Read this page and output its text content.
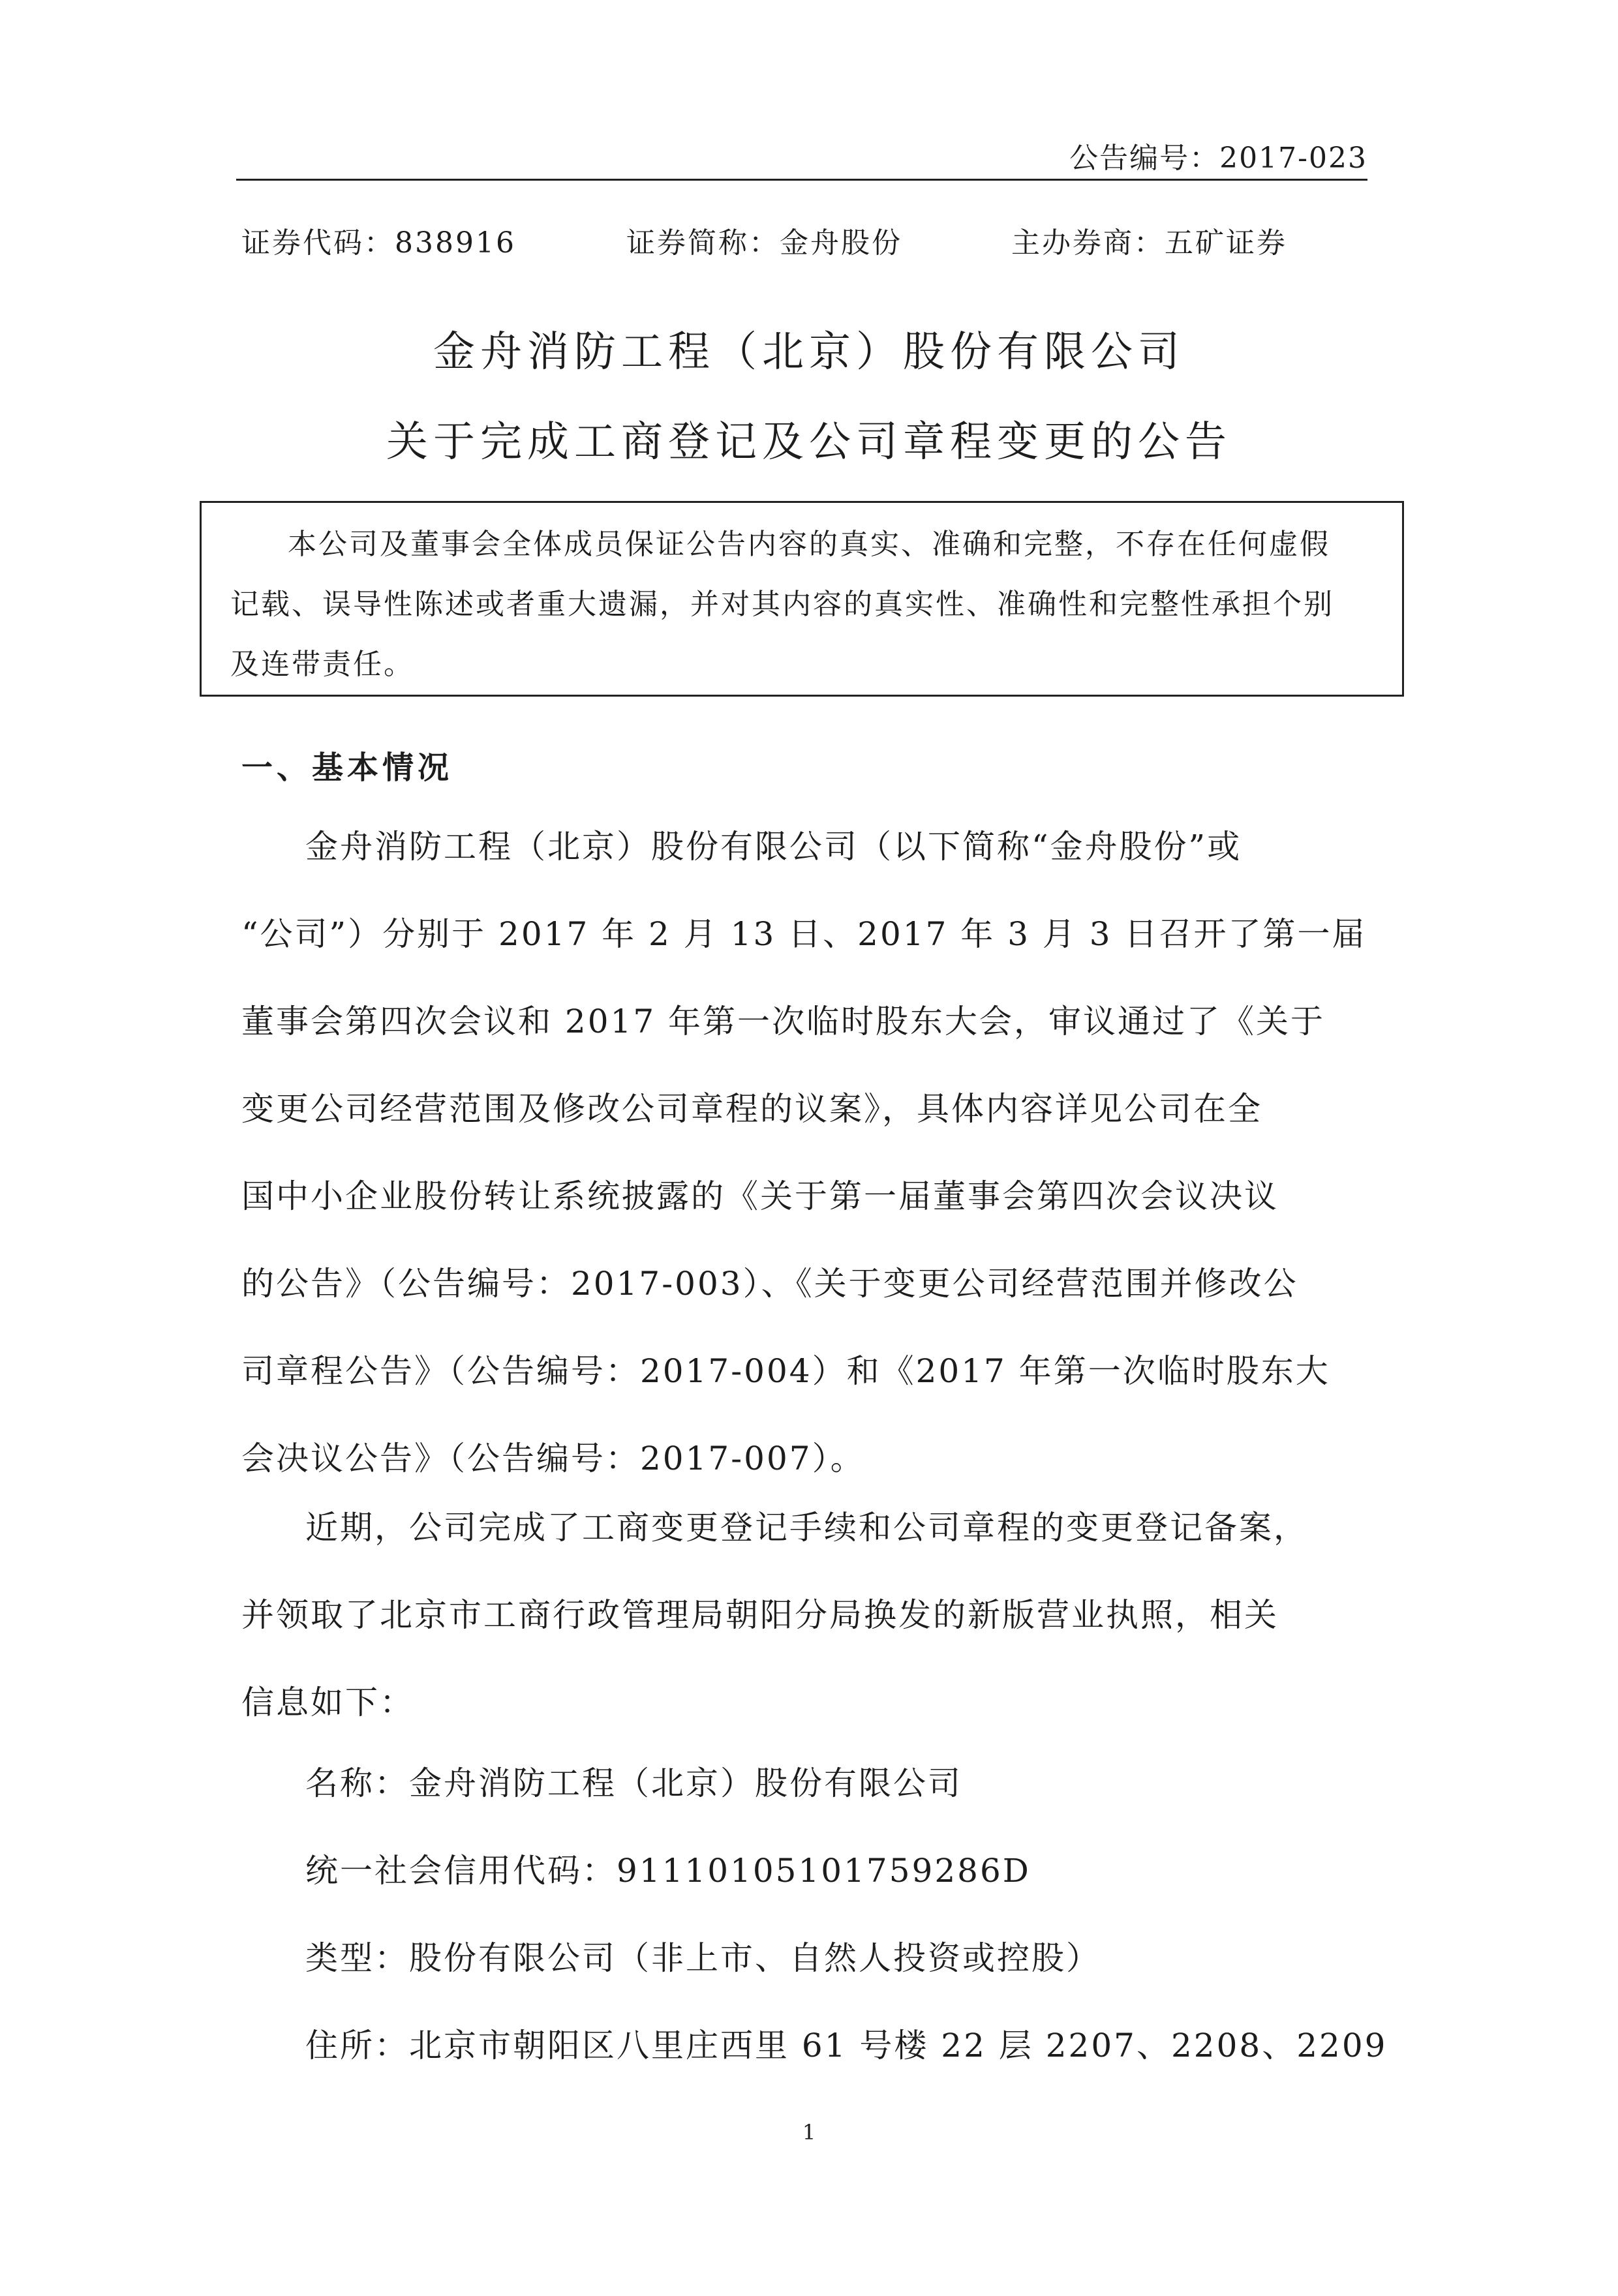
公告编号：2017-023
证券代码：838916	证券简称：金舟股份	主办券商：五矿证券
金舟消防工程（北京）股份有限公司
关于完成工商登记及公司章程变更的公告
本公司及董事会全体成员保证公告内容的真实、准确和完整，不存在任何虚假
记载、误导性陈述或者重大遗漏，并对其内容的真实性、准确性和完整性承担个别
及连带责任。
一、基本情况
金舟消防工程（北京）股份有限公司（以下简称“金舟股份”或
“公司”）分别于 2017 年 2 月 13 日、2017 年 3 月 3 日召开了第一届
董事会第四次会议和 2017 年第一次临时股东大会，审议通过了《关于
变更公司经营范围及修改公司章程的议案》，具体内容详见公司在全
国中小企业股份转让系统披露的《关于第一届董事会第四次会议决议
的公告》（公告编号：2017-003）、《关于变更公司经营范围并修改公
司章程公告》（公告编号：2017-004）和《2017 年第一次临时股东大
会决议公告》（公告编号：2017-007）。
近期，公司完成了工商变更登记手续和公司章程的变更登记备案，
并领取了北京市工商行政管理局朝阳分局换发的新版营业执照，相关
信息如下：
名称：金舟消防工程（北京）股份有限公司
统一社会信用代码：91110105101759286D
类型：股份有限公司（非上市、自然人投资或控股）
住所：北京市朝阳区八里庄西里 61 号楼 22 层 2207、2208、2209
1
